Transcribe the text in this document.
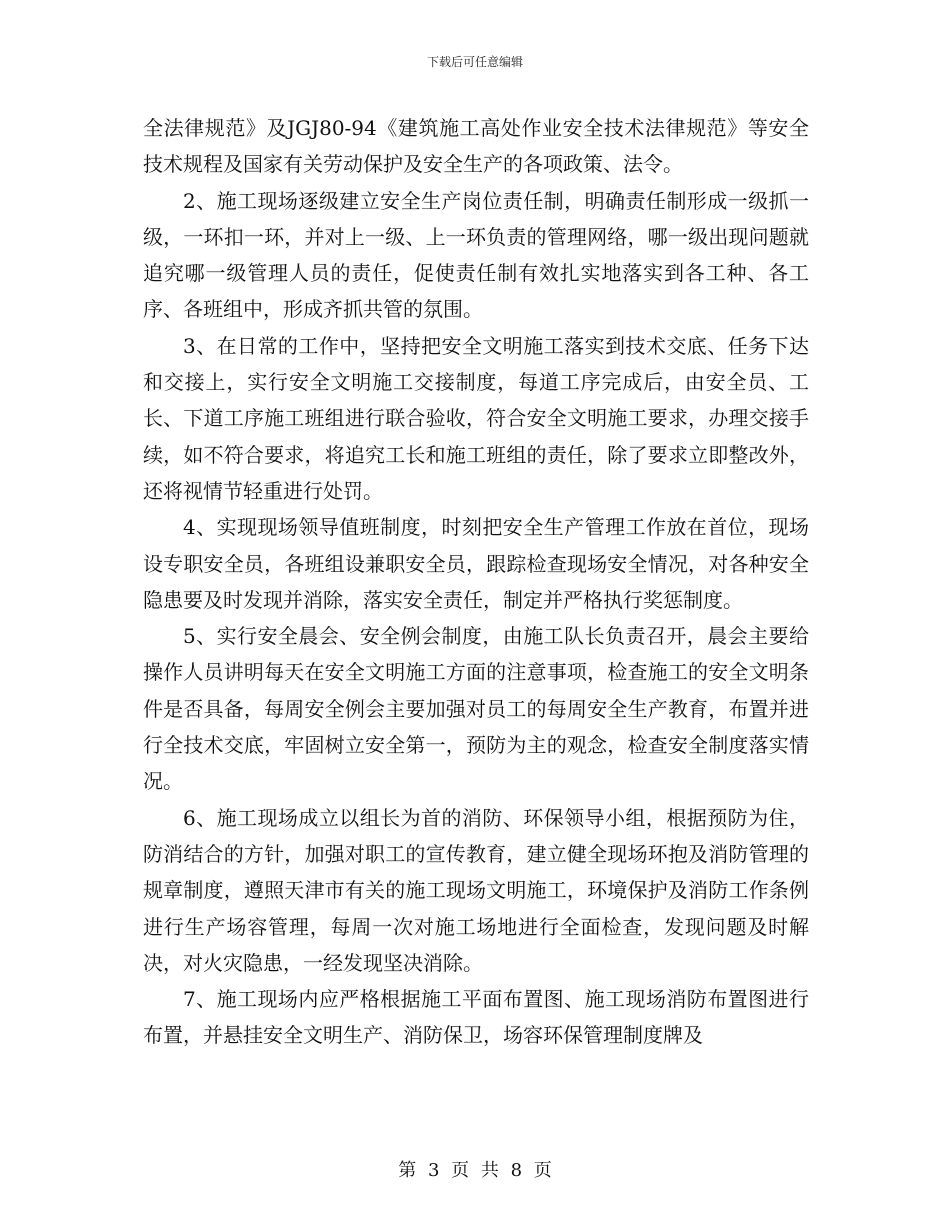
下载后可任意编辑

全法律规范》及JGJ80-94《建筑施工高处作业安全技术法律规范》等安全技术规程及国家有关劳动保护及安全生产的各项政策、法令。

2、施工现场逐级建立安全生产岗位责任制，明确责任制形成一级抓一级，一环扣一环，并对上一级、上一环负责的管理网络，哪一级出现问题就追究哪一级管理人员的责任，促使责任制有效扎实地落实到各工种、各工序、各班组中，形成齐抓共管的氛围。

3、在日常的工作中，坚持把安全文明施工落实到技术交底、任务下达和交接上，实行安全文明施工交接制度，每道工序完成后，由安全员、工长、下道工序施工班组进行联合验收，符合安全文明施工要求，办理交接手续，如不符合要求，将追究工长和施工班组的责任，除了要求立即整改外，还将视情节轻重进行处罚。

4、实现现场领导值班制度，时刻把安全生产管理工作放在首位，现场设专职安全员，各班组设兼职安全员，跟踪检查现场安全情况，对各种安全隐患要及时发现并消除，落实安全责任，制定并严格执行奖惩制度。

5、实行安全晨会、安全例会制度，由施工队长负责召开，晨会主要给操作人员讲明每天在安全文明施工方面的注意事项，检查施工的安全文明条件是否具备，每周安全例会主要加强对员工的每周安全生产教育，布置并进行全技术交底，牢固树立安全第一，预防为主的观念，检查安全制度落实情况。

6、施工现场成立以组长为首的消防、环保领导小组，根据预防为住，防消结合的方针，加强对职工的宣传教育，建立健全现场环抱及消防管理的规章制度，遵照天津市有关的施工现场文明施工，环境保护及消防工作条例进行生产场容管理，每周一次对施工场地进行全面检查，发现问题及时解决，对火灾隐患，一经发现坚决消除。

7、施工现场内应严格根据施工平面布置图、施工现场消防布置图进行布置，并悬挂安全文明生产、消防保卫，场容环保管理制度牌及

第 3 页 共 8 页
